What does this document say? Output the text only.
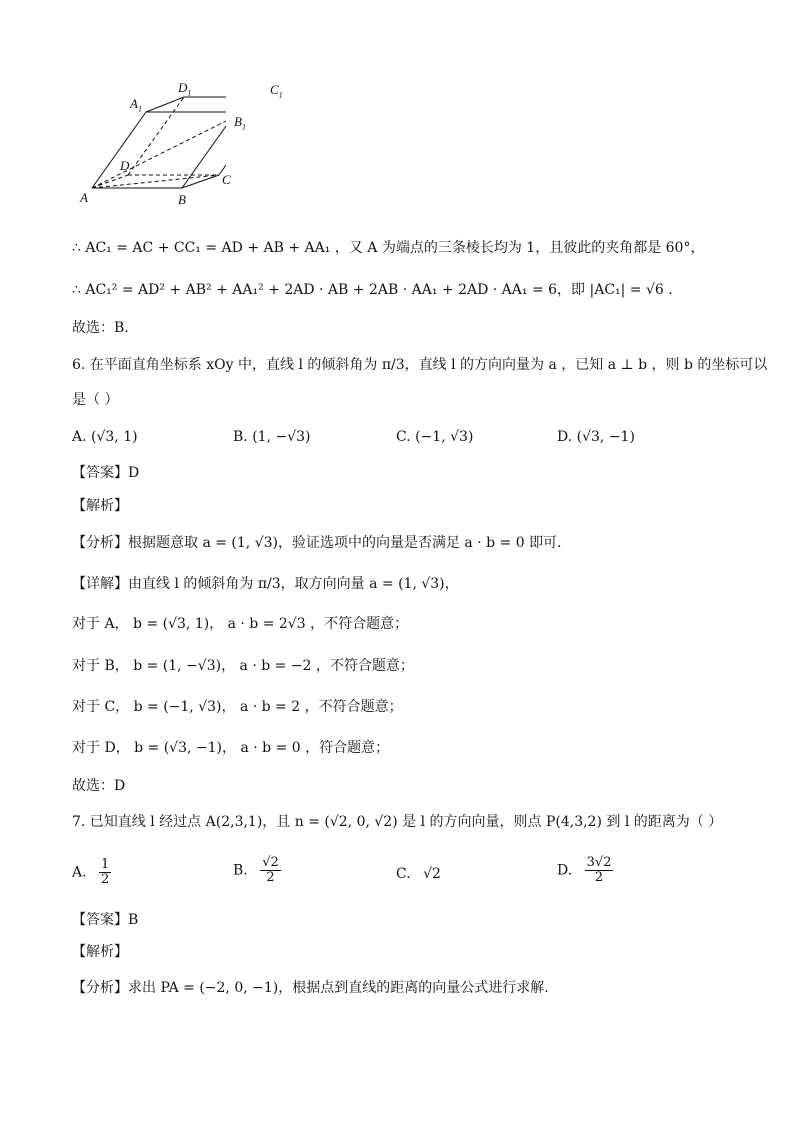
$A_1$
$D_1$	$C_1$
$B_1$
D
C
A	B
∴ AC₁ = AC + CC₁ = AD + AB + AA₁ ，又 A 为端点的三条棱长均为 1，且彼此的夹角都是 60°，
∴ AC₁² = AD² + AB² + AA₁² + 2AD · AB + 2AB · AA₁ + 2AD · AA₁ = 6，即 |AC₁| = √6 .
故选：B.
6. 在平面直角坐标系 xOy 中，直线 l 的倾斜角为 π/3，直线 l 的方向向量为 a ，已知 a ⊥ b ，则 b 的坐标可以
是（ ）
A. (√3, 1)	B. (1, −√3)	C. (−1, √3)	D. (√3, −1)
【答案】D
【解析】
【分析】根据题意取 a = (1, √3)，验证选项中的向量是否满足 a · b = 0 即可.
【详解】由直线 l 的倾斜角为 π/3，取方向向量 a = (1, √3)，
对于 A， b = (√3, 1)， a · b = 2√3 ，不符合题意；
对于 B， b = (1, −√3)， a · b = −2 ，不符合题意；
对于 C， b = (−1, √3)， a · b = 2 ，不符合题意；
对于 D， b = (√3, −1)， a · b = 0 ，符合题意；
故选：D
7. 已知直线 l 经过点 A(2,3,1)，且 n = (√2, 0, √2) 是 l 的方向向量，则点 P(4,3,2) 到 l 的距离为（ ）
A. $\frac{1}{2}$	B. $\frac{√2}{2}$	C. √2	D. $\frac{3√2}{2}$
【答案】B
【解析】
【分析】求出 PA = (−2, 0, −1)，根据点到直线的距离的向量公式进行求解.
